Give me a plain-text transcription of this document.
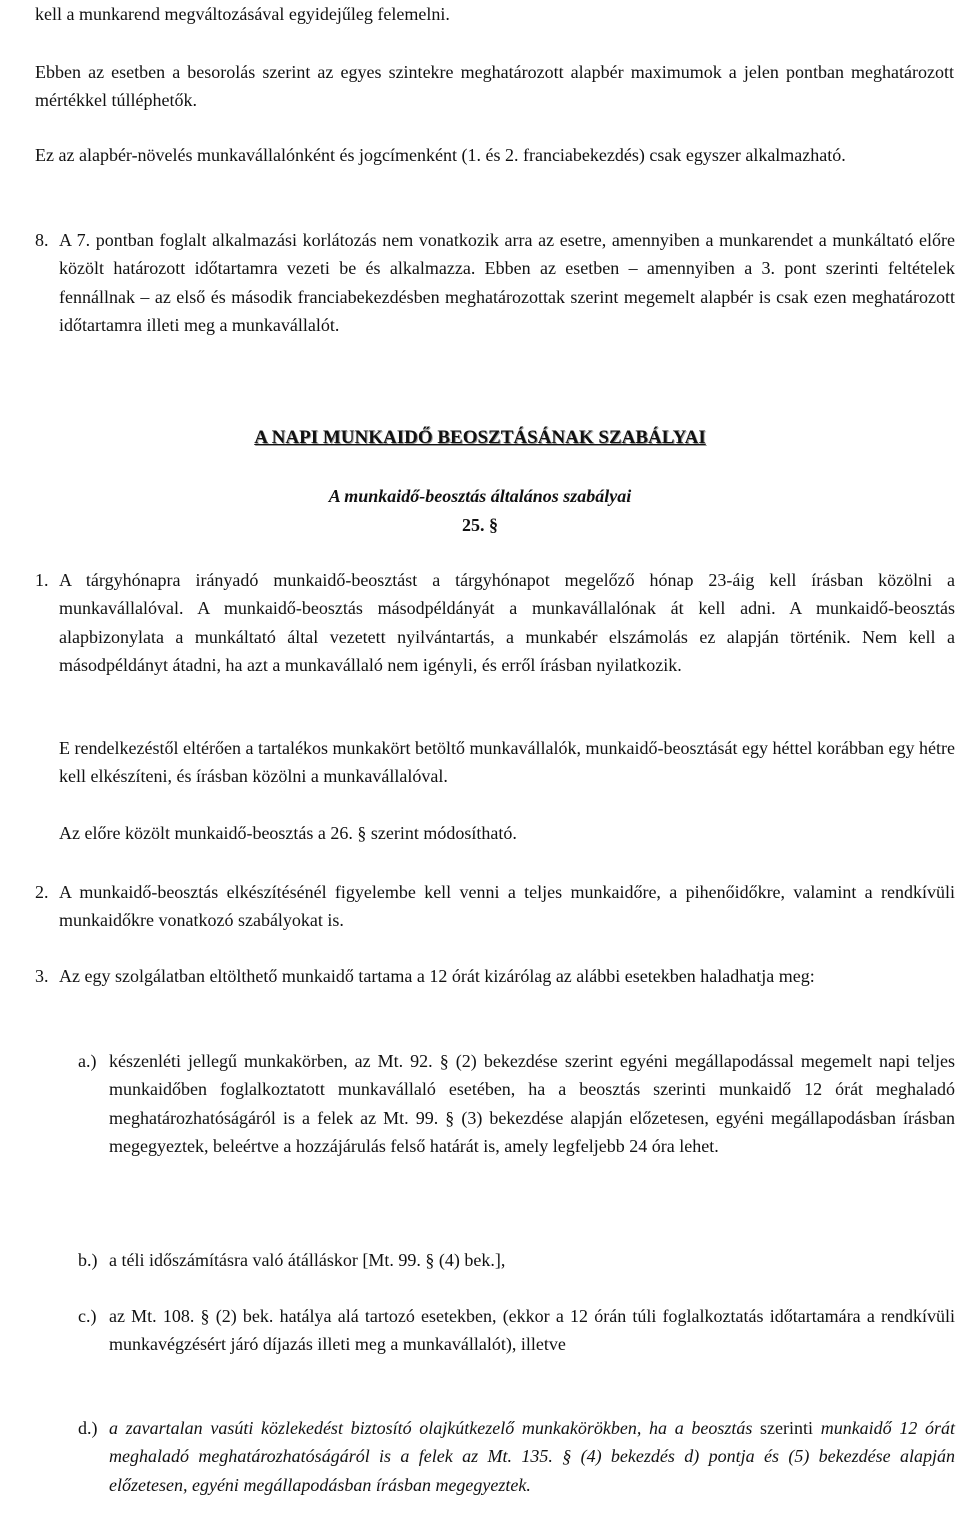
kell a munkarend megváltozásával egyidejűleg felemelni.
Ebben az esetben a besorolás szerint az egyes szintekre meghatározott alapbér maximumok a jelen pontban meghatározott mértékkel túlléphetők.
Ez az alapbér-növelés munkavállalónként és jogcímenként (1. és 2. franciabekezdés) csak egyszer alkalmazható.
8. A 7. pontban foglalt alkalmazási korlátozás nem vonatkozik arra az esetre, amennyiben a munkarendet a munkáltató előre közölt határozott időtartamra vezeti be és alkalmazza. Ebben az esetben – amennyiben a 3. pont szerinti feltételek fennállnak – az első és második franciabekezdésben meghatározottak szerint megemelt alapbér is csak ezen meghatározott időtartamra illeti meg a munkavállalót.
A NAPI MUNKAIDŐ BEOSZTÁSÁNAK SZABÁLYAI
A munkaidő-beosztás általános szabályai
25. §
1. A tárgyhónapra irányadó munkaidő-beosztást a tárgyhónapot megelőző hónap 23-áig kell írásban közölni a munkavállalóval. A munkaidő-beosztás másodpéldányát a munkavállalónak át kell adni. A munkaidő-beosztás alapbizonylata a munkáltató által vezetett nyilvántartás, a munkabér elszámolás ez alapján történik. Nem kell a másodpéldányt átadni, ha azt a munkavállaló nem igényli, és erről írásban nyilatkozik.
E rendelkezéstől eltérően a tartalékos munkakört betöltő munkavállalók, munkaidő-beosztását egy héttel korábban egy hétre kell elkészíteni, és írásban közölni a munkavállalóval.
Az előre közölt munkaidő-beosztás a 26. § szerint módosítható.
2. A munkaidő-beosztás elkészítésénél figyelembe kell venni a teljes munkaidőre, a pihenőidőkre, valamint a rendkívüli munkaidőkre vonatkozó szabályokat is.
3. Az egy szolgálatban eltölthető munkaidő tartama a 12 órát kizárólag az alábbi esetekben haladhatja meg:
a.) készenléti jellegű munkakörben, az Mt. 92. § (2) bekezdése szerint egyéni megállapodással megemelt napi teljes munkaidőben foglalkoztatott munkavállaló esetében, ha a beosztás szerinti munkaidő 12 órát meghaladó meghatározhatóságáról is a felek az Mt. 99. § (3) bekezdése alapján előzetesen, egyéni megállapodásban írásban megegyeztek, beleértve a hozzájárulás felső határát is, amely legfeljebb 24 óra lehet.
b.) a téli időszámításra való átálláskor [Mt. 99. § (4) bek.],
c.) az Mt. 108. § (2) bek. hatálya alá tartozó esetekben, (ekkor a 12 órán túli foglalkoztatás időtartamára a rendkívüli munkavégzésért járó díjazás illeti meg a munkavállalót), illetve
d.) a zavartalan vasúti közlekedést biztosító olajkútkezelő munkakörökben, ha a beosztás szerinti munkaidő 12 órát meghaladó meghatározhatóságáról is a felek az Mt. 135. § (4) bekezdés d) pontja és (5) bekezdése alapján előzetesen, egyéni megállapodásban írásban megegyeztek.
